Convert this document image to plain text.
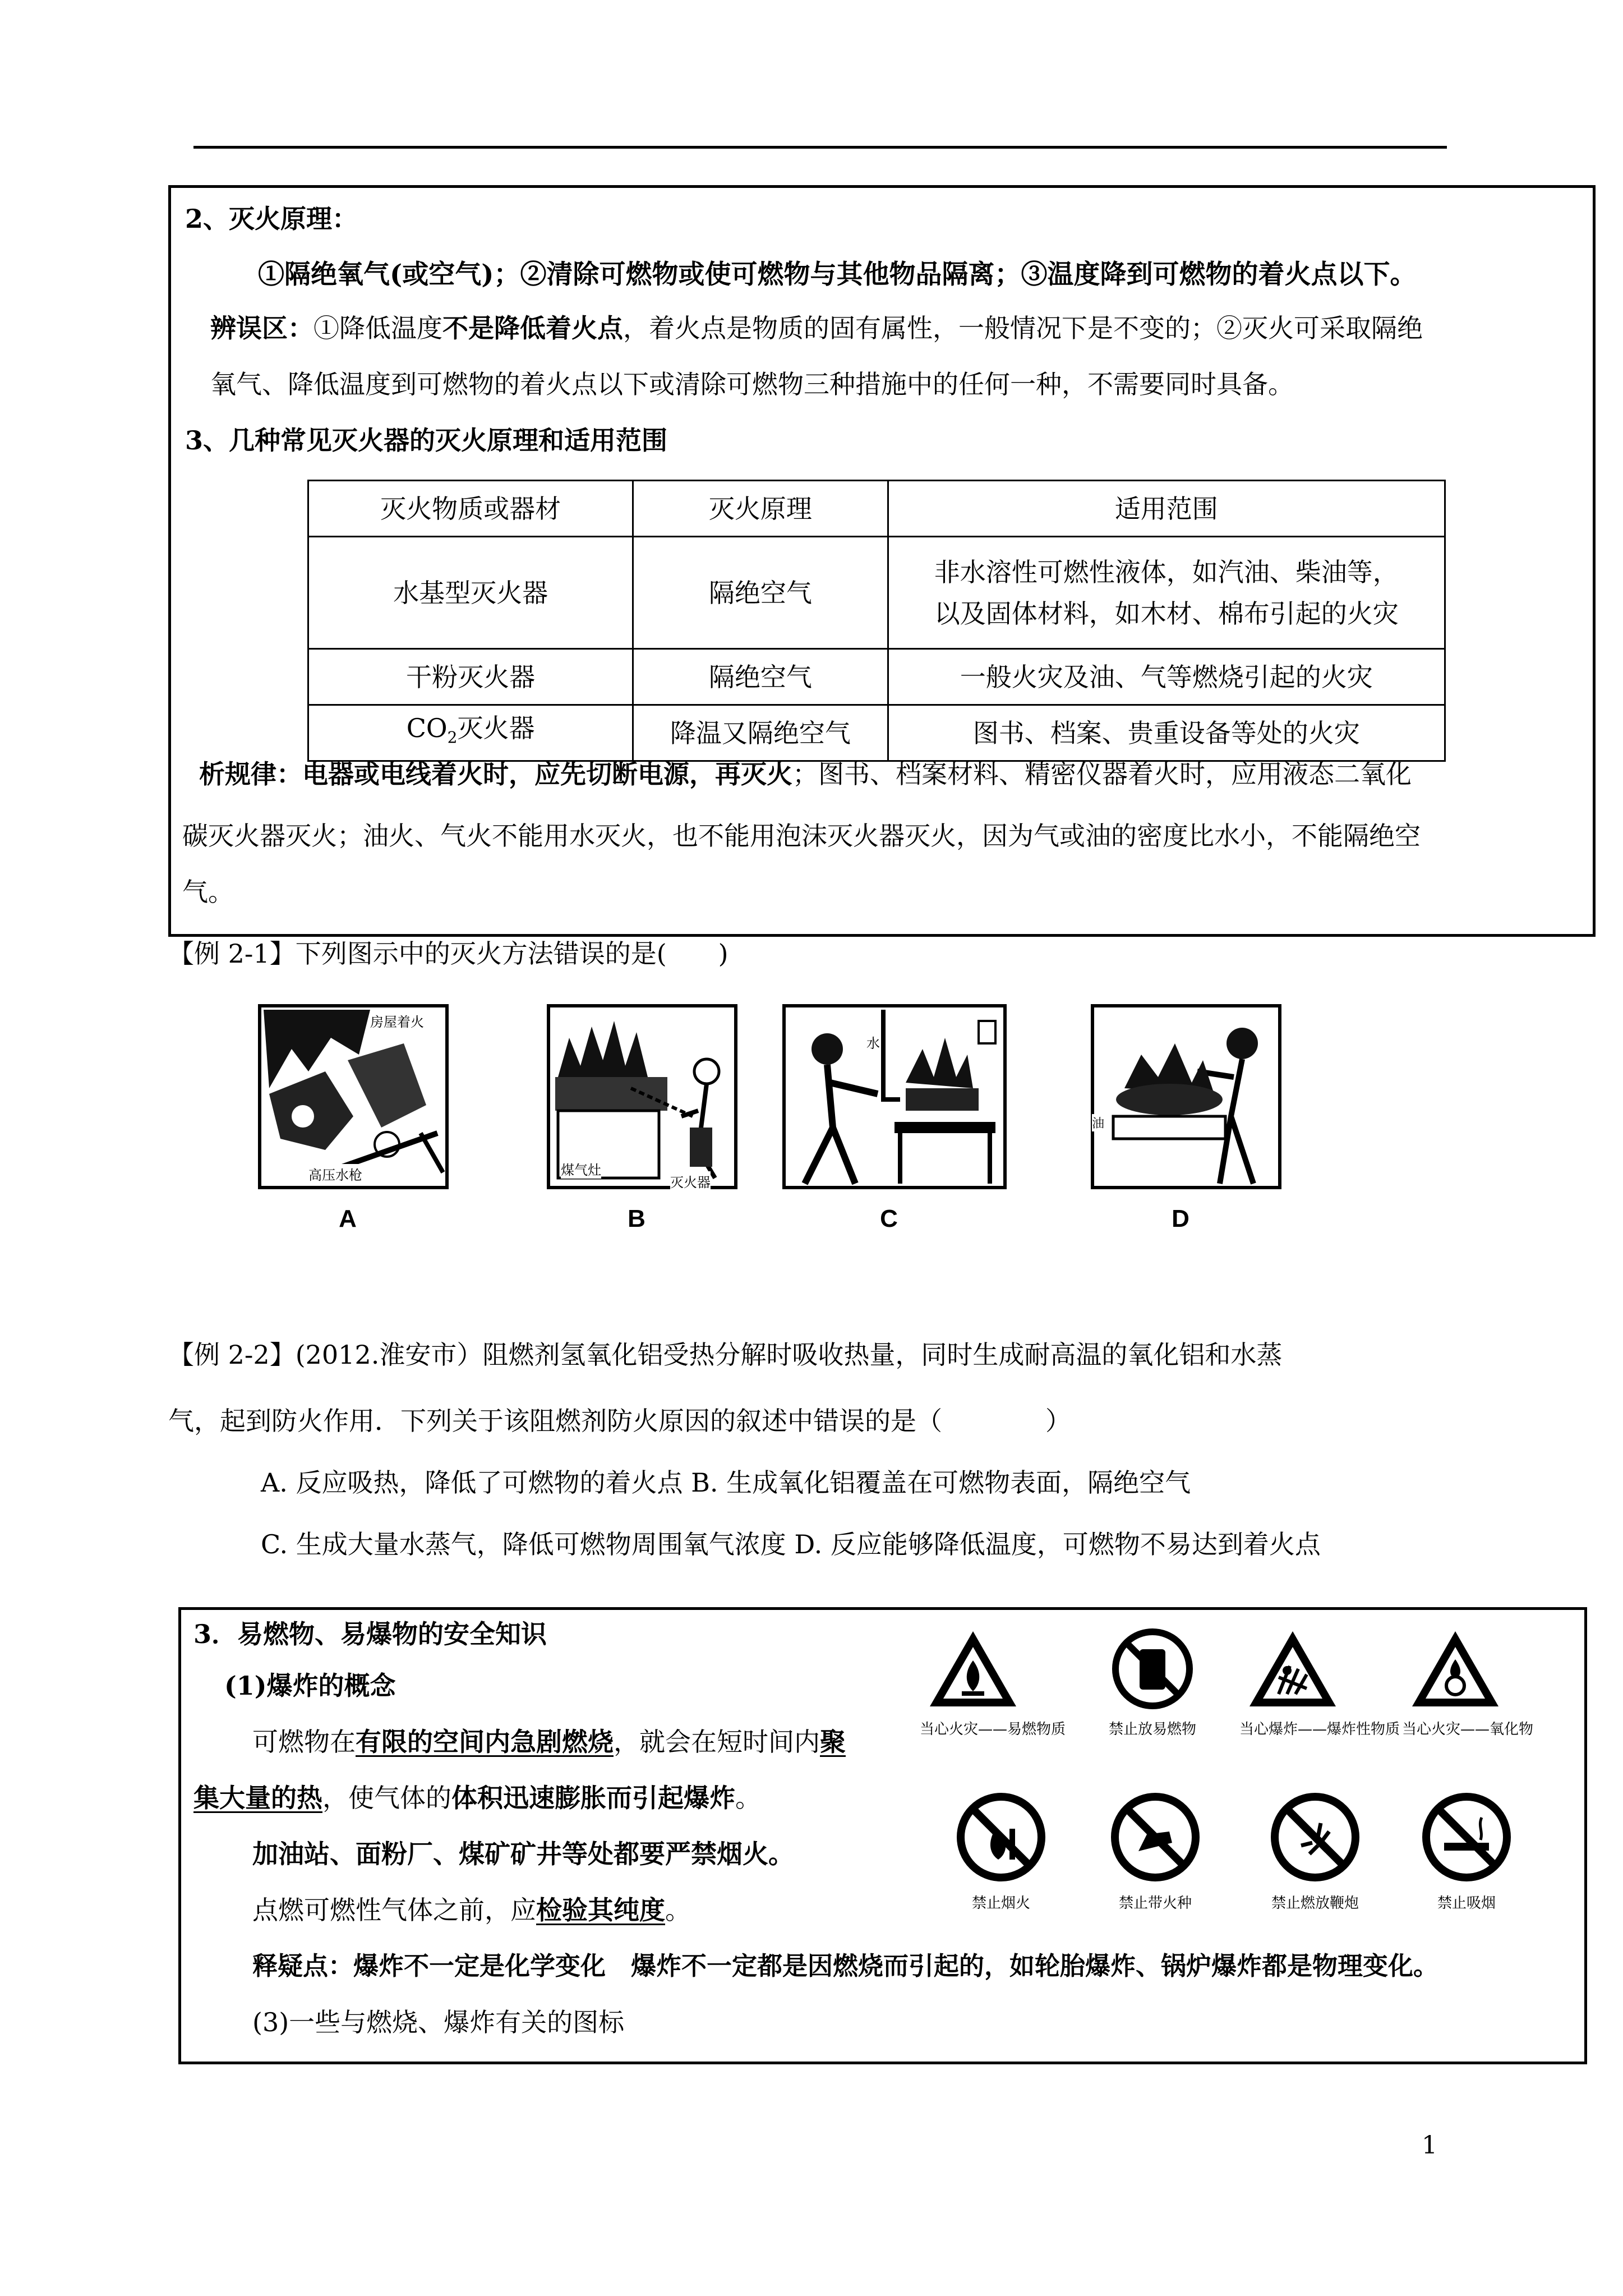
2、灭火原理：
①隔绝氧气(或空气)；②清除可燃物或使可燃物与其他物品隔离；③温度降到可燃物的着火点以下。
辨误区：①降低温度不是降低着火点，着火点是物质的固有属性，一般情况下是不变的；②灭火可采取隔绝
氧气、降低温度到可燃物的着火点以下或清除可燃物三种措施中的任何一种，不需要同时具备。
3、几种常见灭火器的灭火原理和适用范围
灭火物质或器材	灭火原理	适用范围
水基型灭火器	隔绝空气	非水溶性可燃性液体，如汽油、柴油等，
以及固体材料，如木材、棉布引起的火灾

干粉灭火器	隔绝空气	一般火灾及油、气等燃烧引起的火灾
$CO_2$灭火器	降温又隔绝空气	图书、档案、贵重设备等处的火灾
析规律：电器或电线着火时，应先切断电源，再灭火；图书、档案材料、精密仪器着火时，应用液态二氧化
碳灭火器灭火；油火、气火不能用水灭火，也不能用泡沫灭火器灭火，因为气或油的密度比水小，不能隔绝空
气。
【例 2-1】下列图示中的灭火方法错误的是(　　)
房屋着火
高压水枪
A
煤气灶
灭火器
B
水
C
油
D
【例 2-2】(2012.淮安市）阻燃剂氢氧化铝受热分解时吸收热量，同时生成耐高温的氧化铝和水蒸
气，起到防火作用．下列关于该阻燃剂防火原因的叙述中错误的是（　　　　）
A. 反应吸热，降低了可燃物的着火点 B. 生成氧化铝覆盖在可燃物表面，隔绝空气
C. 生成大量水蒸气，降低可燃物周围氧气浓度 D. 反应能够降低温度，可燃物不易达到着火点
3．易燃物、易爆物的安全知识
(1)爆炸的概念
可燃物在有限的空间内急剧燃烧，就会在短时间内聚
集大量的热，使气体的体积迅速膨胀而引起爆炸。
加油站、面粉厂、煤矿矿井等处都要严禁烟火。
点燃可燃性气体之前，应检验其纯度。
释疑点：爆炸不一定是化学变化　爆炸不一定都是因燃烧而引起的，如轮胎爆炸、锅炉爆炸都是物理变化。
(3)一些与燃烧、爆炸有关的图标
当心火灾——易燃物质	禁止放易燃物	当心爆炸——爆炸性物质 当心火灾——氧化物
禁止烟火	禁止带火种	禁止燃放鞭炮	禁止吸烟
1
